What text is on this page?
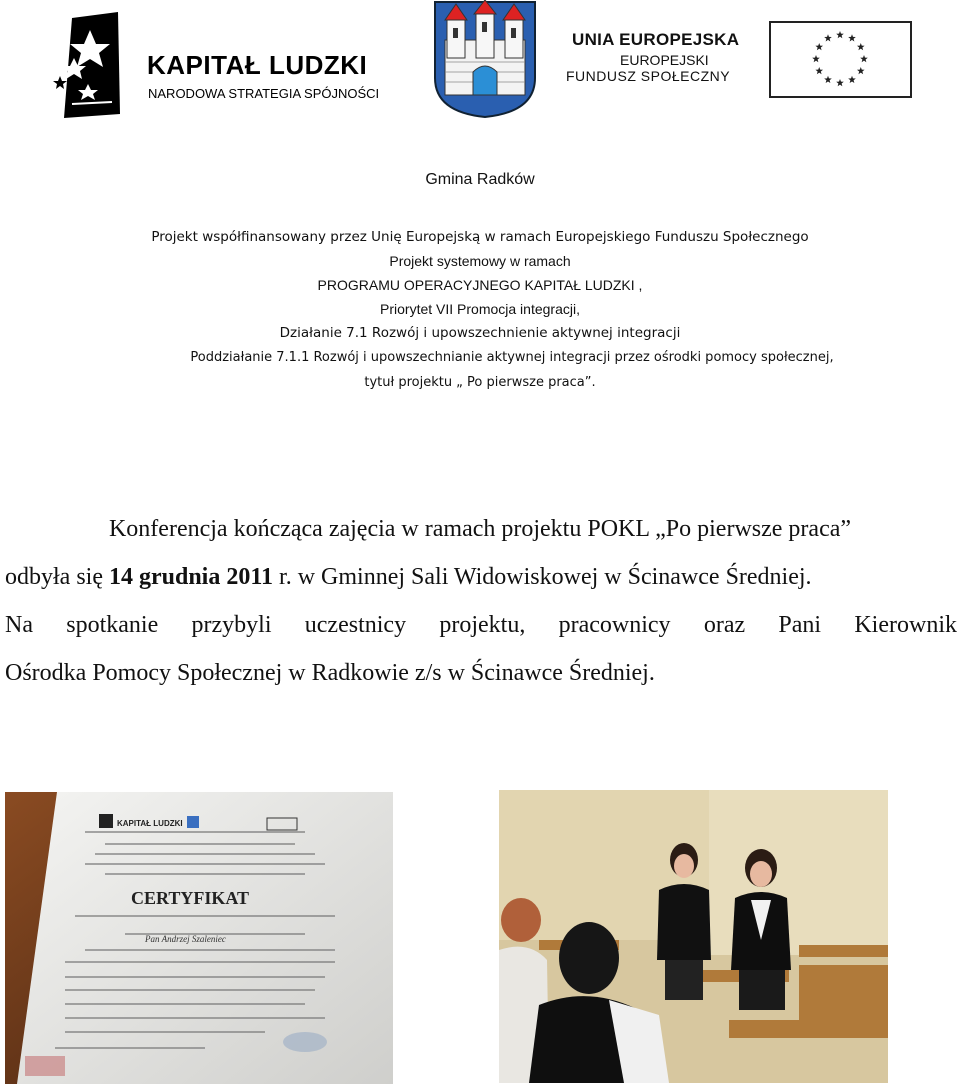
KAPITAŁ LUDZKI
NARODOWA STRATEGIA SPÓJNOŚCI
UNIA EUROPEJSKA
EUROPEJSKI
FUNDUSZ SPOŁECZNY
Gmina Radków
Projekt współfinansowany przez Unię Europejską w ramach Europejskiego Funduszu Społecznego
Projekt systemowy w ramach
PROGRAMU OPERACYJNEGO KAPITAŁ LUDZKI ,
Priorytet VII Promocja integracji,
Działanie 7.1 Rozwój i upowszechnienie aktywnej integracji
Poddziałanie 7.1.1 Rozwój i upowszechnianie aktywnej integracji przez ośrodki pomocy społecznej,
tytuł projektu „ Po pierwsze praca”.
Konferencja kończąca zajęcia w ramach projektu POKL „Po pierwsze praca”
odbyła się 14 grudnia 2011 r. w Gminnej Sali Widowiskowej w Ścinawce Średniej.
Na spotkanie przybyli uczestnicy projektu, pracownicy oraz Pani Kierownik
Ośrodka Pomocy Społecznej w Radkowie z/s w Ścinawce Średniej.
KAPITAŁ LUDZKI
CERTYFIKAT
Pan Andrzej Szaleniec
